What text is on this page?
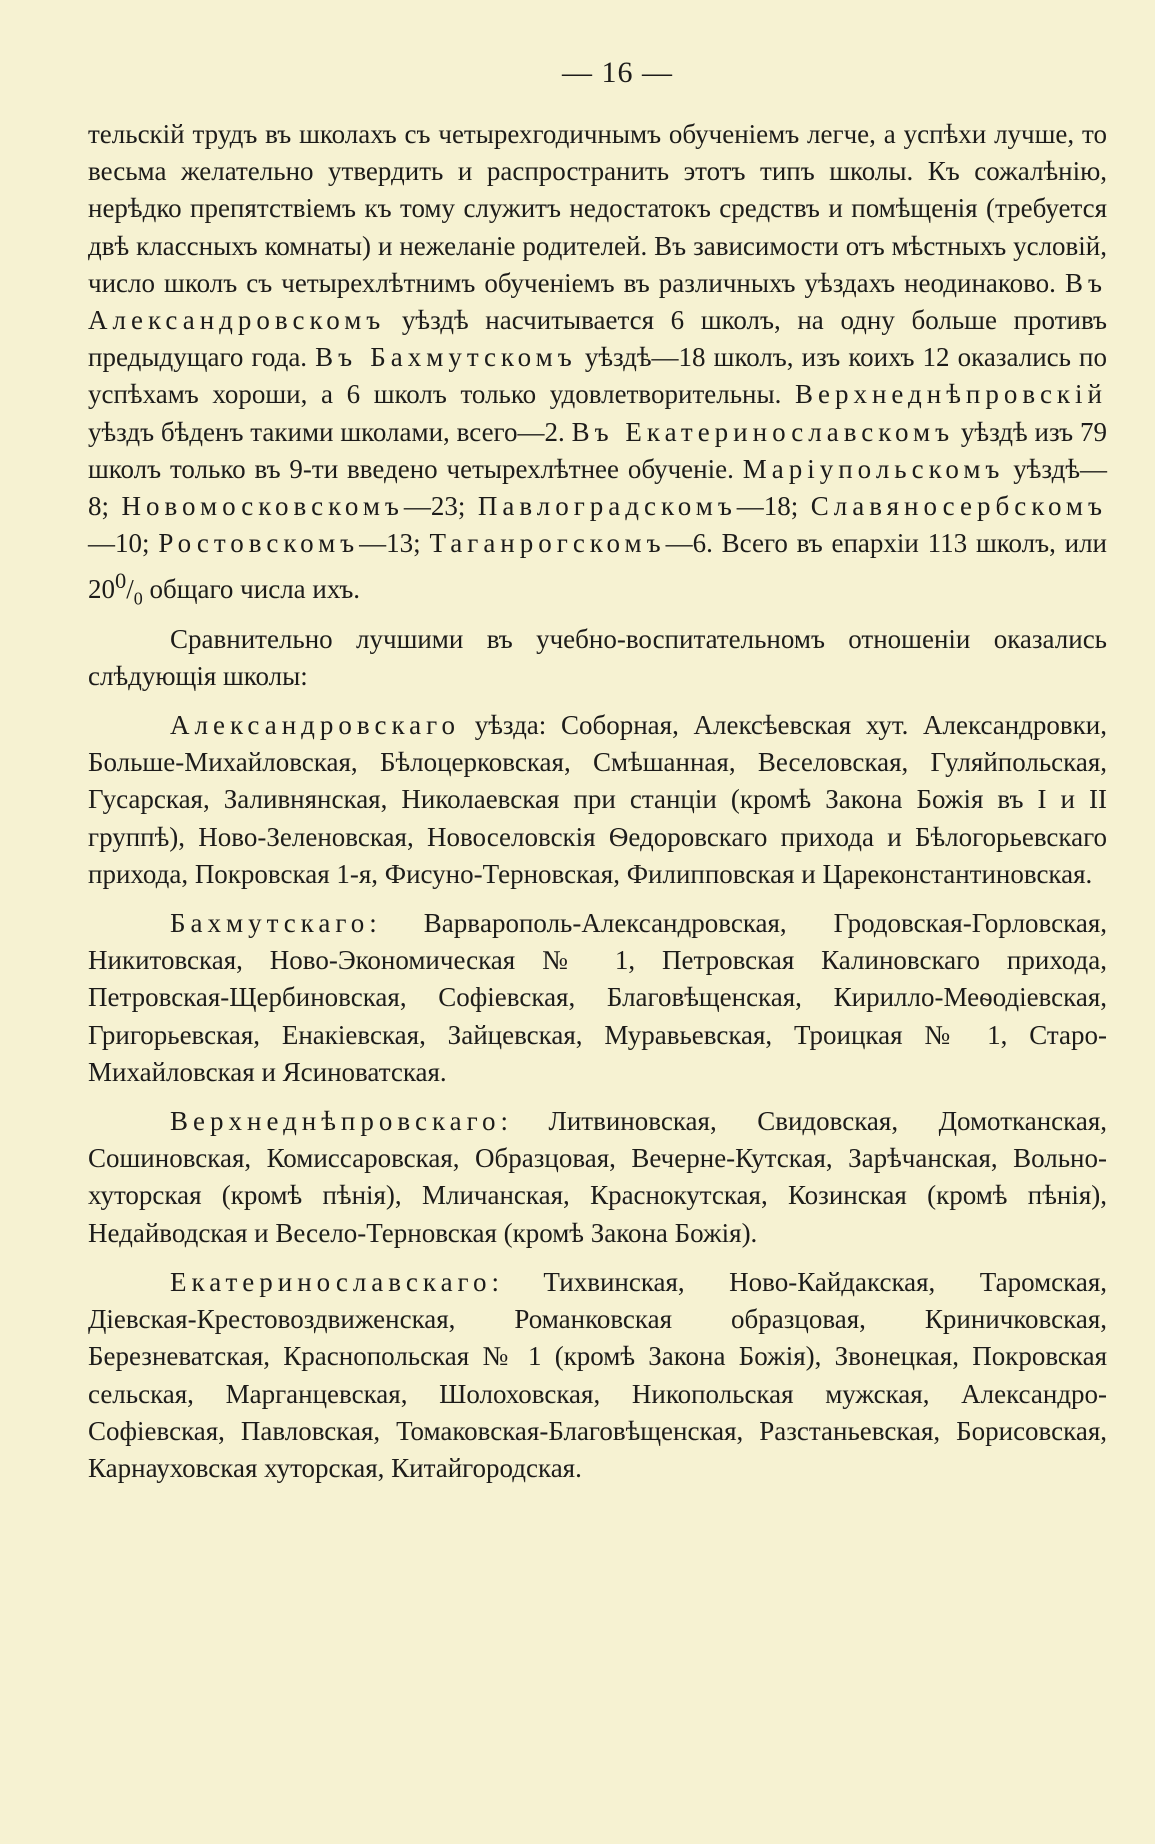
— 16 —

тельскій трудъ въ школахъ съ четырехгодичнымъ обученіемъ легче, а успѣхи лучше, то весьма желательно утвердить и распространить этотъ типъ школы. Къ сожалѣнію, нерѣдко препятствіемъ къ тому служитъ недостатокъ средствъ и помѣщенія (требуется двѣ классныхъ комнаты) и нежеланіе родителей. Въ зависимости отъ мѣстныхъ условій, число школъ съ четырехлѣтнимъ обученіемъ въ различныхъ уѣздахъ неодинаково. Въ Александровскомъ уѣздѣ насчитывается 6 школъ, на одну больше противъ предыдущаго года. Въ Бахмутскомъ уѣздѣ—18 школъ, изъ коихъ 12 оказались по успѣхамъ хороши, а 6 школъ только удовлетворительны. Верхнеднѣпровскій уѣздъ бѣденъ такими школами, всего—2. Въ Екатеринославскомъ уѣздѣ изъ 79 школъ только въ 9-ти введено четырехлѣтнее обученіе. Маріупольскомъ уѣздѣ—8; Новомосковскомъ—23; Павлоградскомъ—18; Славяносербскомъ—10; Ростовскомъ—13; Таганрогскомъ—6. Всего въ епархіи 113 школъ, или $20^0/_0$ общаго числа ихъ.

Сравнительно лучшими въ учебно-воспитательномъ отношеніи оказались слѣдующія школы:

Александровскаго уѣзда: Соборная, Алексѣевская хут. Александровки, Больше-Михайловская, Бѣлоцерковская, Смѣшанная, Веселовская, Гуляйпольская, Гусарская, Заливнянская, Николаевская при станціи (кромѣ Закона Божія въ I и II группѣ), Ново-Зеленовская, Новоселовскія Ѳедоровскаго прихода и Бѣлогорьевскаго прихода, Покровская 1-я, Фисуно-Терновская, Филипповская и Цареконстантиновская.

Бахмутскаго: Варвaрополь-Александровская, Гродовская-Горловская, Никитовская, Ново-Экономическая № 1, Петровская Калиновскаго прихода, Петровская-Щербиновская, Софіевская, Благовѣщенская, Кирилло-Меѳодіевская, Григорьевская, Енакіевская, Зайцевская, Муравьевская, Троицкая № 1, Старо-Михайловская и Ясиноватская.

Верхнеднѣпровскаго: Литвиновская, Свидовская, Домотканская, Сошиновская, Комиссаровская, Образцовая, Вечерне-Кутская, Зарѣчанская, Вольно-хуторская (кромѣ пѣнія), Мличанская, Краснокутская, Козинская (кромѣ пѣнія), Недайводская и Весело-Терновская (кромѣ Закона Божія).

Екатеринославскаго: Тихвинская, Ново-Кайдакская, Таромская, Діевская-Крестовоздвиженская, Романковская образцовая, Криничковская, Березневатская, Краснопольская № 1 (кромѣ Закона Божія), Звонецкая, Покровская сельская, Марганцевская, Шолоховская, Никопольская мужская, Александро-Софіевская, Павловская, Томаковская-Благовѣщенская, Разстаньевская, Борисовская, Карнауховская хуторская, Китайгородская.
